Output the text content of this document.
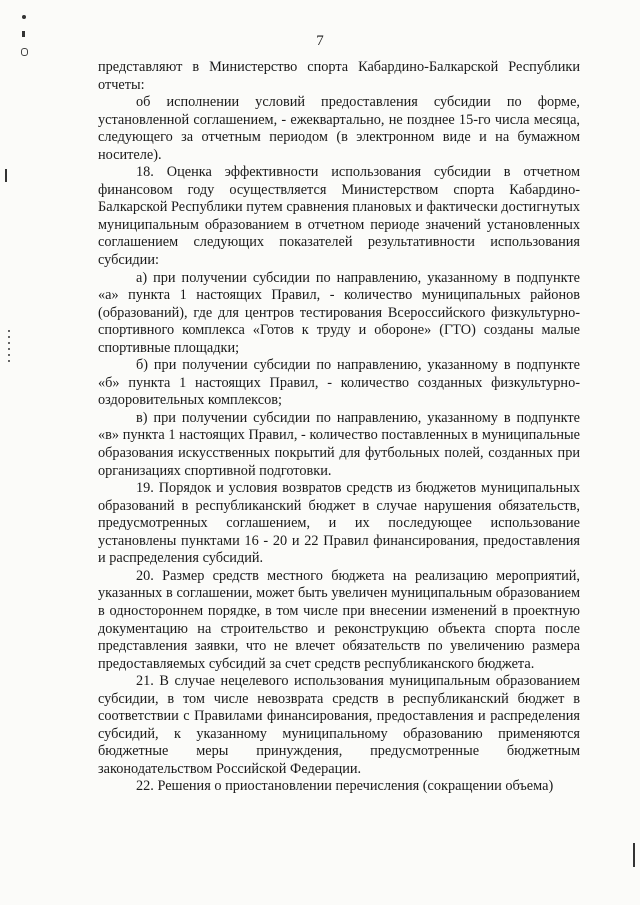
7

представляют в Министерство спорта Кабардино-Балкарской Республики отчеты:

об исполнении условий предоставления субсидии по форме, установленной соглашением, - ежеквартально, не позднее 15-го числа месяца, следующего за отчетным периодом (в электронном виде и на бумажном носителе).

18. Оценка эффективности использования субсидии в отчетном финансовом году осуществляется Министерством спорта Кабардино-Балкарской Республики путем сравнения плановых и фактически достигнутых муниципальным образованием в отчетном периоде значений установленных соглашением следующих показателей результативности использования субсидии:

а) при получении субсидии по направлению, указанному в подпункте «а» пункта 1 настоящих Правил, - количество муниципальных районов (образований), где для центров тестирования Всероссийского физкультурно-спортивного комплекса «Готов к труду и обороне» (ГТО) созданы малые спортивные площадки;

б) при получении субсидии по направлению, указанному в подпункте «б» пункта 1 настоящих Правил, - количество созданных физкультурно-оздоровительных комплексов;

в) при получении субсидии по направлению, указанному в подпункте «в» пункта 1 настоящих Правил, - количество поставленных в муниципальные образования искусственных покрытий для футбольных полей, созданных при организациях спортивной подготовки.

19. Порядок и условия возвратов средств из бюджетов муниципальных образований в республиканский бюджет в случае нарушения обязательств, предусмотренных соглашением, и их последующее использование установлены пунктами 16 - 20 и 22 Правил финансирования, предоставления и распределения субсидий.

20. Размер средств местного бюджета на реализацию мероприятий, указанных в соглашении, может быть увеличен муниципальным образованием в одностороннем порядке, в том числе при внесении изменений в проектную документацию на строительство и реконструкцию объекта спорта после представления заявки, что не влечет обязательств по увеличению размера предоставляемых субсидий за счет средств республиканского бюджета.

21. В случае нецелевого использования муниципальным образованием субсидии, в том числе невозврата средств в республиканский бюджет в соответствии с Правилами финансирования, предоставления и распределения субсидий, к указанному муниципальному образованию применяются бюджетные меры принуждения, предусмотренные бюджетным законодательством Российской Федерации.

22. Решения о приостановлении перечисления (сокращении объема)
